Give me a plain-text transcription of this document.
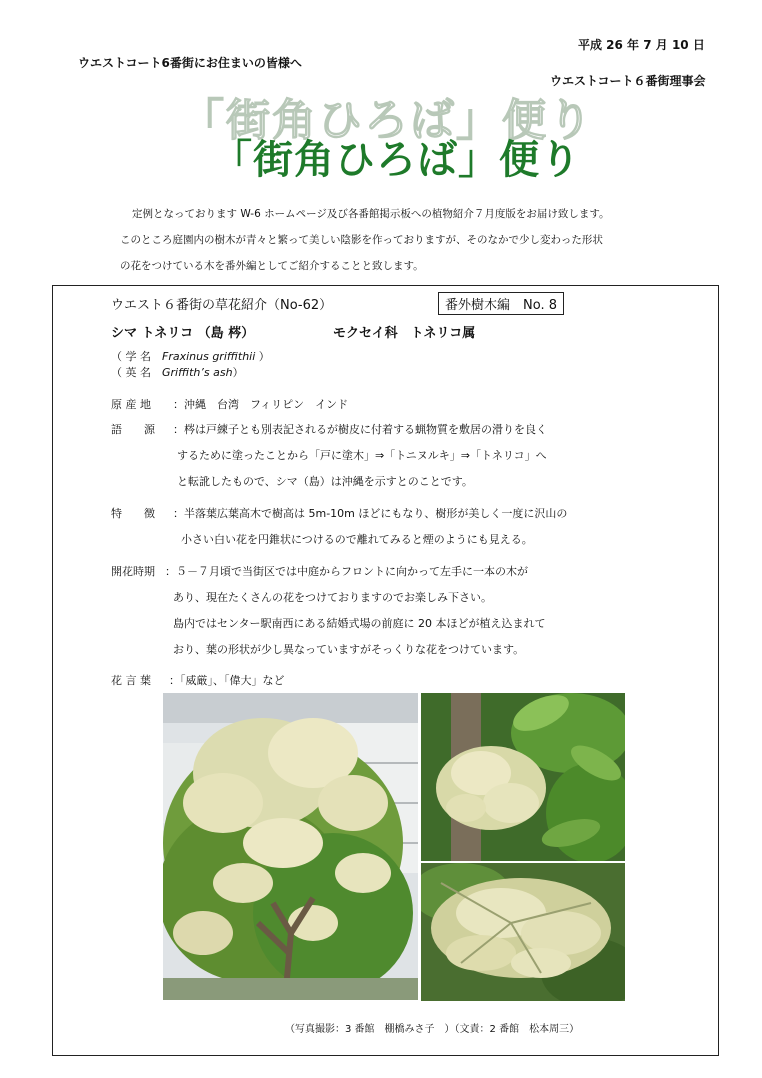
平成 26 年 7 月 10 日
ウエストコート6番街にお住まいの皆様へ
ウエストコート６番街理事会
「街角ひろば」便り
「街角ひろば」便り
定例となっております W-6 ホームページ及び各番館掲示板への植物紹介７月度版をお届け致します。
このところ庭園内の樹木が青々と繁って美しい陰影を作っておりますが、そのなかで少し変わった形状
の花をつけている木を番外編としてご紹介することと致します。
ウエスト６番街の草花紹介（No-62）	番外樹木編　No. 8
シマ トネリコ （島 梣）	モクセイ科　トネリコ属
（ 学 名　Fraxinus griffithii ）
（ 英 名　Griffith’s ash）
原 産 地 ：沖縄　台湾　フィリピン　インド
語　　源 ：梣は戸練子とも別表記されるが樹皮に付着する蝋物質を敷居の滑りを良く
するために塗ったことから「戸に塗木」⇒「トニヌルキ」⇒「トネリコ」へ
と転訛したもので、シマ（島）は沖縄を示すとのことです。
特　　徴 ：半落葉広葉高木で樹高は 5m-10m ほどにもなり、樹形が美しく一度に沢山の
小さい白い花を円錐状につけるので離れてみると煙のようにも見える。
開花時期 ：５－７月頃で当街区では中庭からフロントに向かって左手に一本の木が
あり、現在たくさんの花をつけておりますのでお楽しみ下さい。
島内ではセンター駅南西にある結婚式場の前庭に 20 本ほどが植え込まれて
おり、葉の形状が少し異なっていますがそっくりな花をつけています。
花 言 葉 ：「威厳」、「偉大」など
（写真撮影：3 番館　棚橋みさ子　）（文責：2 番館　松本周三）
